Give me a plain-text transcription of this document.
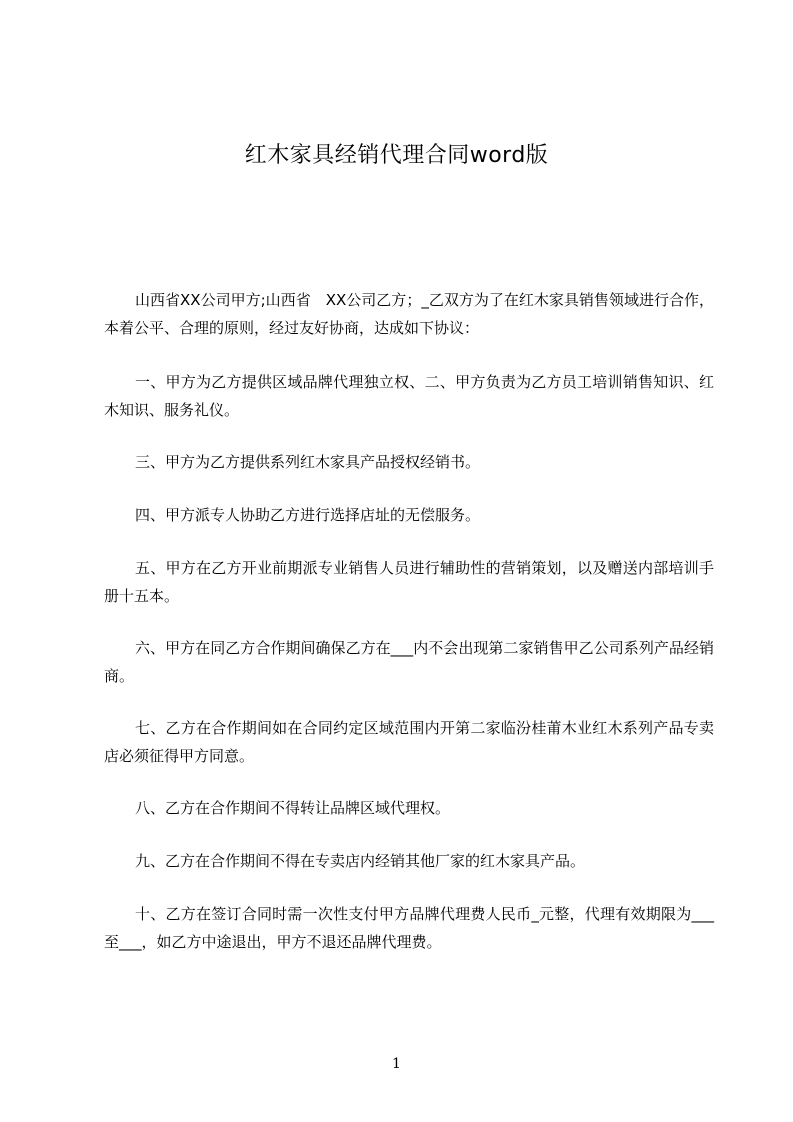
红木家具经销代理合同word版

山西省XX公司甲方;山西省　XX公司乙方；_乙双方为了在红木家具销售领域进行合作，本着公平、合理的原则，经过友好协商，达成如下协议：

一、甲方为乙方提供区域品牌代理独立权、二、甲方负责为乙方员工培训销售知识、红木知识、服务礼仪。

三、甲方为乙方提供系列红木家具产品授权经销书。

四、甲方派专人协助乙方进行选择店址的无偿服务。

五、甲方在乙方开业前期派专业销售人员进行辅助性的营销策划，以及赠送内部培训手册十五本。

六、甲方在同乙方合作期间确保乙方在___内不会出现第二家销售甲乙公司系列产品经销商。

七、乙方在合作期间如在合同约定区域范围内开第二家临汾桂莆木业红木系列产品专卖店必须征得甲方同意。

八、乙方在合作期间不得转让品牌区域代理权。

九、乙方在合作期间不得在专卖店内经销其他厂家的红木家具产品。

十、乙方在签订合同时需一次性支付甲方品牌代理费人民币_元整，代理有效期限为___至___，如乙方中途退出，甲方不退还品牌代理费。

1
